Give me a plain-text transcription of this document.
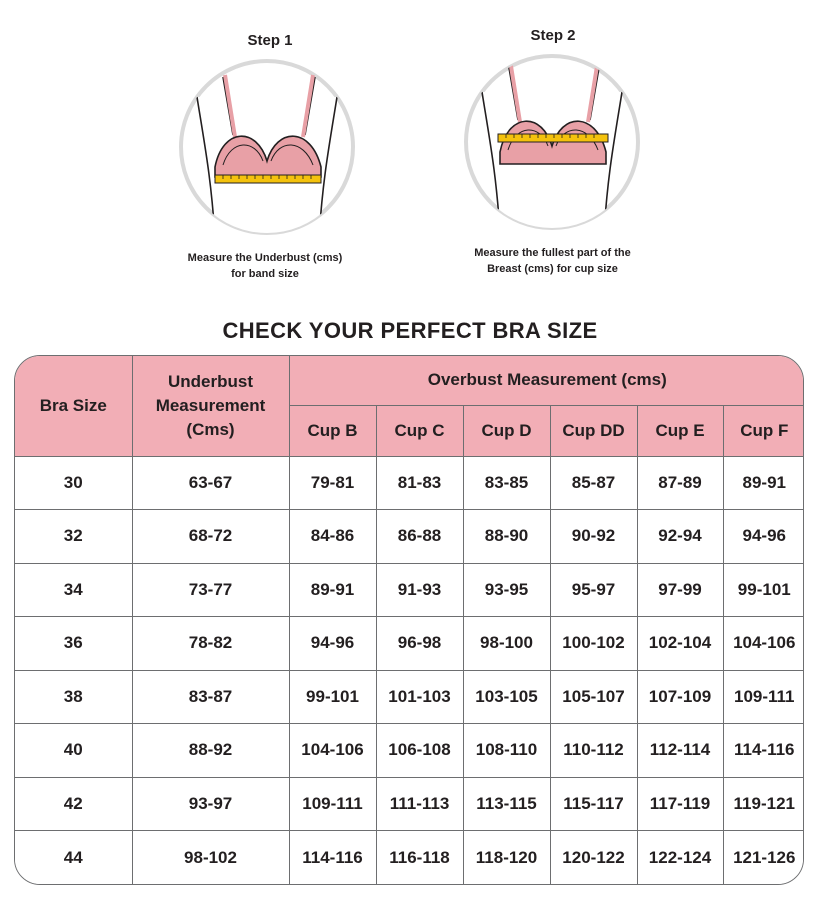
Step 1
Measure the Underbust (cms)
for band size
Step 2
Measure the fullest part of the
Breast (cms) for cup size
CHECK YOUR PERFECT BRA SIZE
Bra Size	Underbust
Measurement
(Cms)	Overbust Measurement (cms)					
		Cup B	Cup C	Cup D	Cup DD	Cup E	Cup F
30	63-67	79-81	81-83	83-85	85-87	87-89	89-91
32	68-72	84-86	86-88	88-90	90-92	92-94	94-96
34	73-77	89-91	91-93	93-95	95-97	97-99	99-101
36	78-82	94-96	96-98	98-100	100-102	102-104	104-106
38	83-87	99-101	101-103	103-105	105-107	107-109	109-111
40	88-92	104-106	106-108	108-110	110-112	112-114	114-116
42	93-97	109-111	111-113	113-115	115-117	117-119	119-121
44	98-102	114-116	116-118	118-120	120-122	122-124	121-126
